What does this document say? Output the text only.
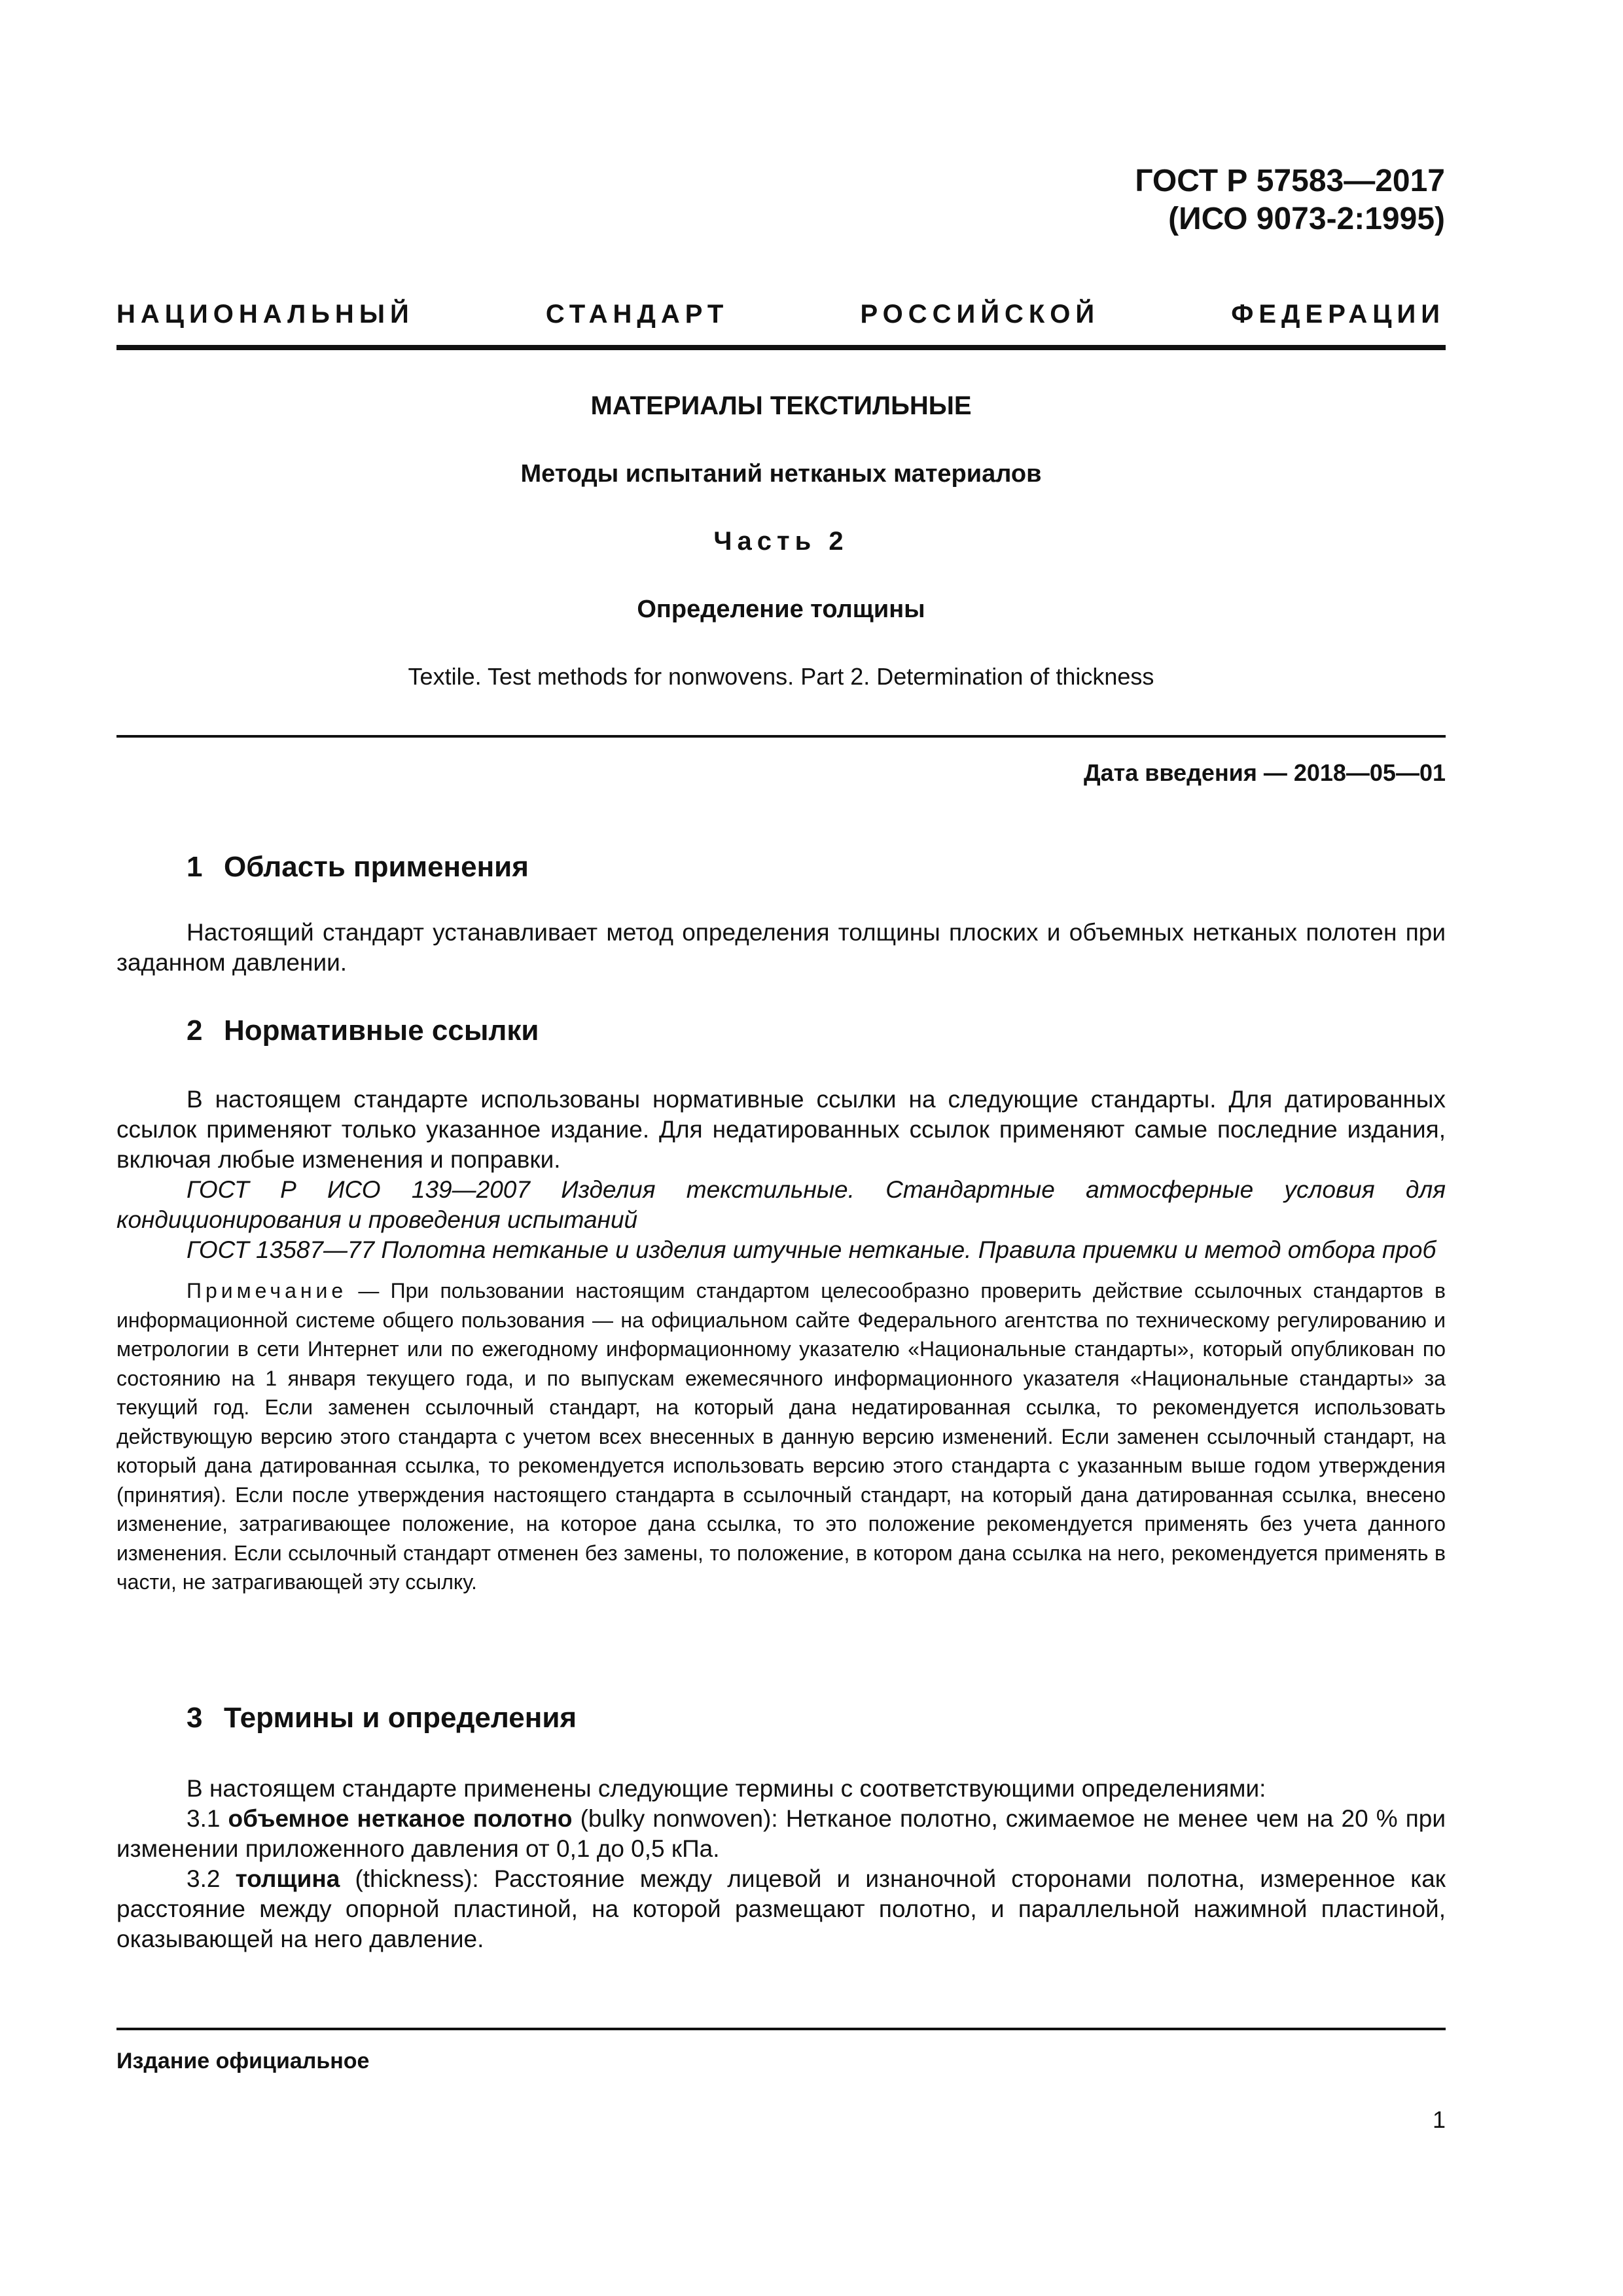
ГОСТ Р 57583—2017
(ИСО 9073-2:1995)
НАЦИОНАЛЬНЫЙ	СТАНДАРТ	РОССИЙСКОЙ	ФЕДЕРАЦИИ
МАТЕРИАЛЫ ТЕКСТИЛЬНЫЕ
Методы испытаний нетканых материалов
Часть 2
Определение толщины
Textile. Test methods for nonwovens. Part 2. Determination of thickness
Дата введения — 2018—05—01
1 Область применения
Настоящий стандарт устанавливает метод определения толщины плоских и объемных нетканых полотен при заданном давлении.
2 Нормативные ссылки
В настоящем стандарте использованы нормативные ссылки на следующие стандарты. Для датированных ссылок применяют только указанное издание. Для недатированных ссылок применяют самые последние издания, включая любые изменения и поправки.
ГОСТ Р ИСО 139—2007 Изделия текстильные. Стандартные атмосферные условия для кондиционирования и проведения испытаний
ГОСТ 13587—77 Полотна нетканые и изделия штучные нетканые. Правила приемки и метод отбора проб
Примечание — При пользовании настоящим стандартом целесообразно проверить действие ссылочных стандартов в информационной системе общего пользования — на официальном сайте Федерального агентства по техническому регулированию и метрологии в сети Интернет или по ежегодному информационному указателю «Национальные стандарты», который опубликован по состоянию на 1 января текущего года, и по выпускам ежемесячного информационного указателя «Национальные стандарты» за текущий год. Если заменен ссылочный стандарт, на который дана недатированная ссылка, то рекомендуется использовать действующую версию этого стандарта с учетом всех внесенных в данную версию изменений. Если заменен ссылочный стандарт, на который дана датированная ссылка, то рекомендуется использовать версию этого стандарта с указанным выше годом утверждения (принятия). Если после утверждения настоящего стандарта в ссылочный стандарт, на который дана датированная ссылка, внесено изменение, затрагивающее положение, на которое дана ссылка, то это положение рекомендуется применять без учета данного изменения. Если ссылочный стандарт отменен без замены, то положение, в котором дана ссылка на него, рекомендуется применять в части, не затрагивающей эту ссылку.
3 Термины и определения
В настоящем стандарте применены следующие термины с соответствующими определениями:
3.1 объемное нетканое полотно (bulky nonwoven): Нетканое полотно, сжимаемое не менее чем на 20 % при изменении приложенного давления от 0,1 до 0,5 кПа.
3.2 толщина (thickness): Расстояние между лицевой и изнаночной сторонами полотна, измеренное как расстояние между опорной пластиной, на которой размещают полотно, и параллельной нажимной пластиной, оказывающей на него давление.
Издание официальное
1
